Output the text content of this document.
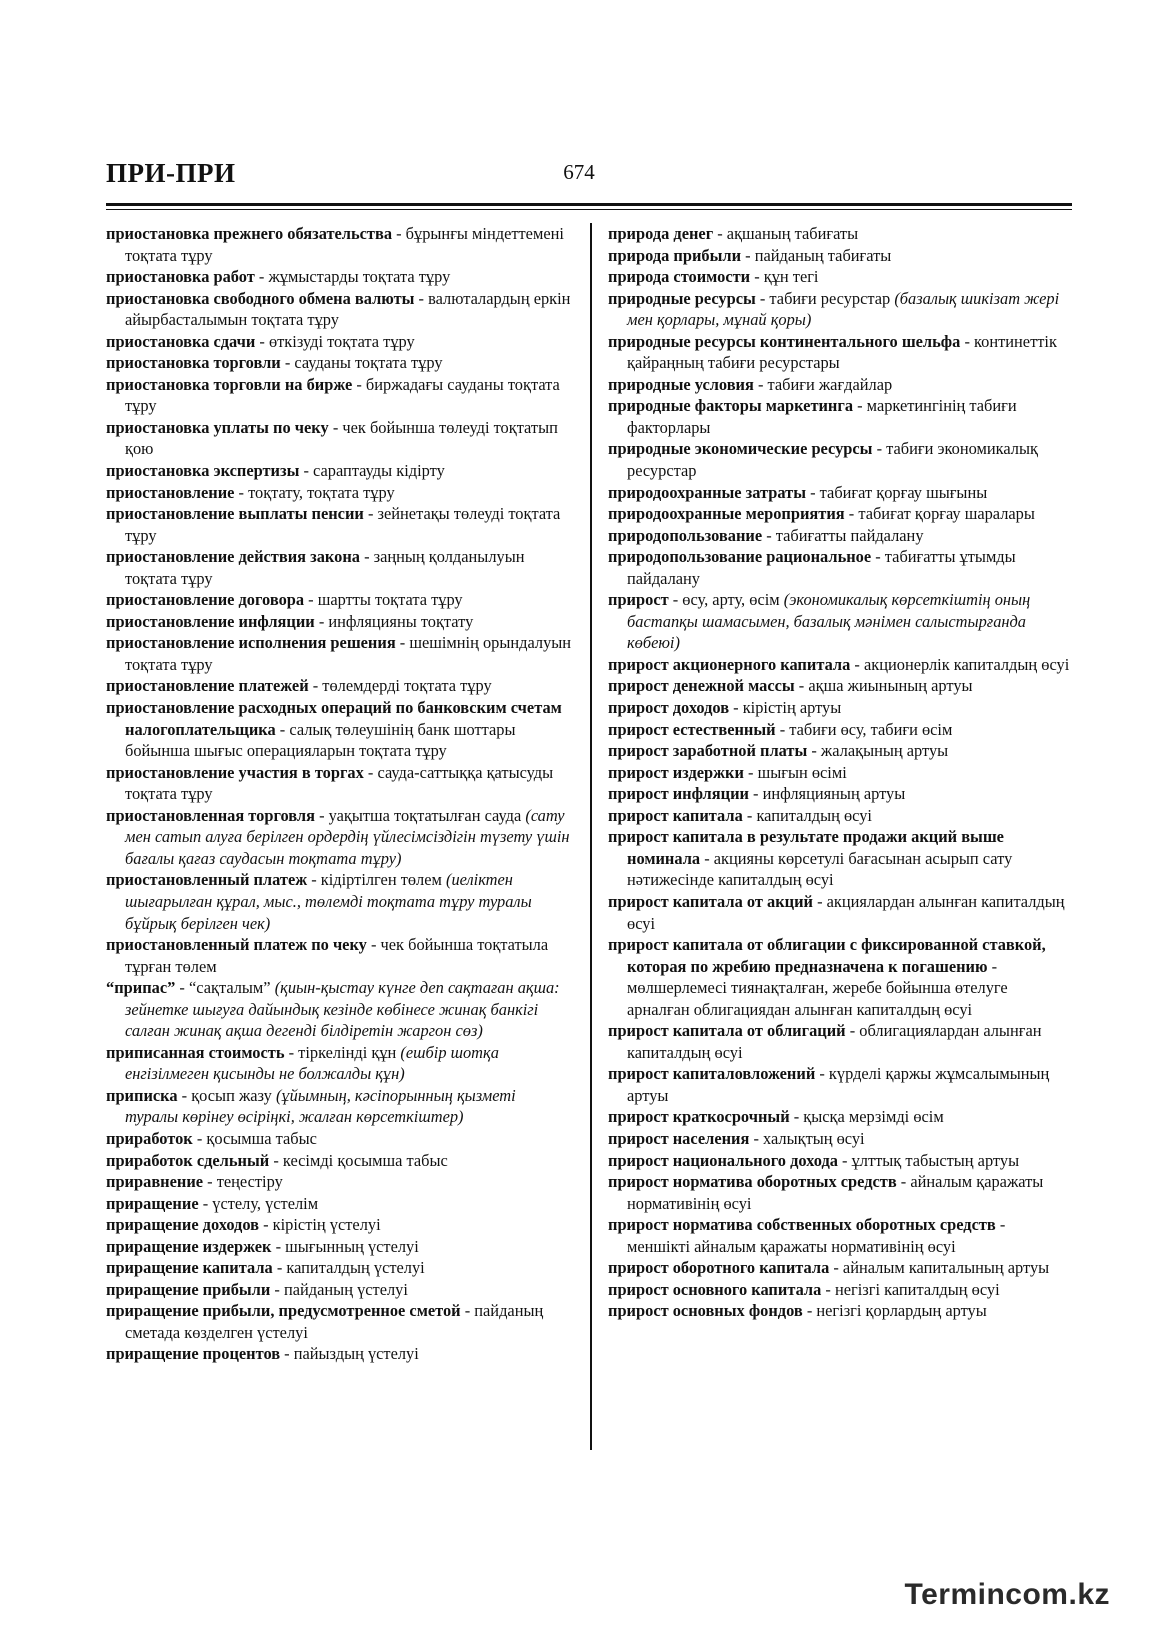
ПРИ-ПРИ	674

приостановка прежнего обязательства - бұрынғы міндеттемені тоқтата тұру

приостановка работ - жұмыстарды тоқтата тұру

приостановка свободного обмена валюты - валюталардың еркін айырбасталымын тоқтата тұру

приостановка сдачи - өткізуді тоқтата тұру

приостановка торговли - сауданы тоқтата тұру

приостановка торговли на бирже - биржадағы сауданы тоқтата тұру

приостановка уплаты по чеку - чек бойынша төлеуді тоқтатып қою

приостановка экспертизы - сараптауды кідірту

приостановление - тоқтату, тоқтата тұру

приостановление выплаты пенсии - зейнетақы төлеуді тоқтата тұру

приостановление действия закона - заңның қолданылуын тоқтата тұру

приостановление договора - шартты тоқтата тұру

приостановление инфляции - инфляцияны тоқтату

приостановление исполнения решения - шешімнің орындалуын тоқтата тұру

приостановление платежей - төлемдерді тоқтата тұру

приостановление расходных операций по банковским счетам налогоплательщика - салық төлеушінің банк шоттары бойынша шығыс операцияларын тоқтата тұру

приостановление участия в торгах - сауда-саттыққа қатысуды тоқтата тұру

приостановленная торговля - уақытша тоқтатылған сауда (сату мен сатып алуға берілген ордердің үйлесімсіздігін түзету үшін бағалы қағаз саудасын тоқтата тұру)

приостановленный платеж - кідіртілген төлем (иеліктен шығарылған құрал, мыс., төлемді тоқтата тұру туралы бұйрық берілген чек)

приостановленный платеж по чеку - чек бойынша тоқтатыла тұрған төлем

“припас” - “сақталым” (қиын-қыстау күнге деп сақтаған ақша: зейнетке шығуға дайындық кезінде көбінесе жинақ банкігі салған жинақ ақша дегенді білдіретін жаргон сөз)

приписанная стоимость - тіркелінді құн (ешбір шотқа енгізілмеген қисынды не болжалды құн)

приписка - қосып жазу (ұйымның, кәсіпорынның қызметі туралы көрінеу өсіріңкі, жалған көрсеткіштер)

приработок - қосымша табыс

приработок сдельный - кесімді қосымша табыс

приравнение - теңестіру

приращение - үстелу, үстелім

приращение доходов - кірістің үстелуі

приращение издержек - шығынның үстелуі

приращение капитала - капиталдың үстелуі

приращение прибыли - пайданың үстелуі

приращение прибыли, предусмотренное сметой - пайданың сметада көзделген үстелуі

приращение процентов - пайыздың үстелуі

природа денег - ақшаның табиғаты

природа прибыли - пайданың табиғаты

природа стоимости - құн тегі

природные ресурсы - табиғи ресурстар (базалық шикізат жері мен қорлары, мұнай қоры)

природные ресурсы континентального шельфа - континеттік қайраңның табиғи ресурстары

природные условия - табиғи жағдайлар

природные факторы маркетинга - маркетингінің табиғи факторлары

природные экономические ресурсы - табиғи экономикалық ресурстар

природоохранные затраты - табиғат қорғау шығыны

природоохранные мероприятия - табиғат қорғау шаралары

природопользование - табиғатты пайдалану

природопользование рациональное - табиғатты ұтымды пайдалану

прирост - өсу, арту, өсім (экономикалық көрсеткіштің оның бастапқы шамасымен, базалық мәнімен салыстырғанда көбеюі)

прирост акционерного капитала - акционерлік капиталдың өсуі

прирост денежной массы - ақша жиынының артуы

прирост доходов - кірістің артуы

прирост естественный - табиғи өсу, табиғи өсім

прирост заработной платы - жалақының артуы

прирост издержки - шығын өсімі

прирост инфляции - инфляцияның артуы

прирост капитала - капиталдың өсуі

прирост капитала в результате продажи акций выше номинала - акцияны көрсетулі бағасынан асырып сату нәтижесінде капиталдың өсуі

прирост капитала от акций - акциялардан алынған капиталдың өсуі

прирост капитала от облигации с фиксированной ставкой, которая по жребию предназначена к погашению - мөлшерлемесі тиянақталған, жеребе бойынша өтелуге арналған облигациядан алынған капиталдың өсуі

прирост капитала от облигаций - облигациялардан алынған капиталдың өсуі

прирост капиталовложений - күрделі қаржы жұмсалымының артуы

прирост краткосрочный - қысқа мерзімді өсім

прирост населения - халықтың өсуі

прирост национального дохода - ұлттық табыстың артуы

прирост норматива оборотных средств - айналым қаражаты нормативінің өсуі

прирост норматива собственных оборотных средств - меншікті айналым қаражаты нормативінің өсуі

прирост оборотного капитала - айналым капиталының артуы

прирост основного капитала - негізгі капиталдың өсуі

прирост основных фондов - негізгі қорлардың артуы

Termincom.kz
